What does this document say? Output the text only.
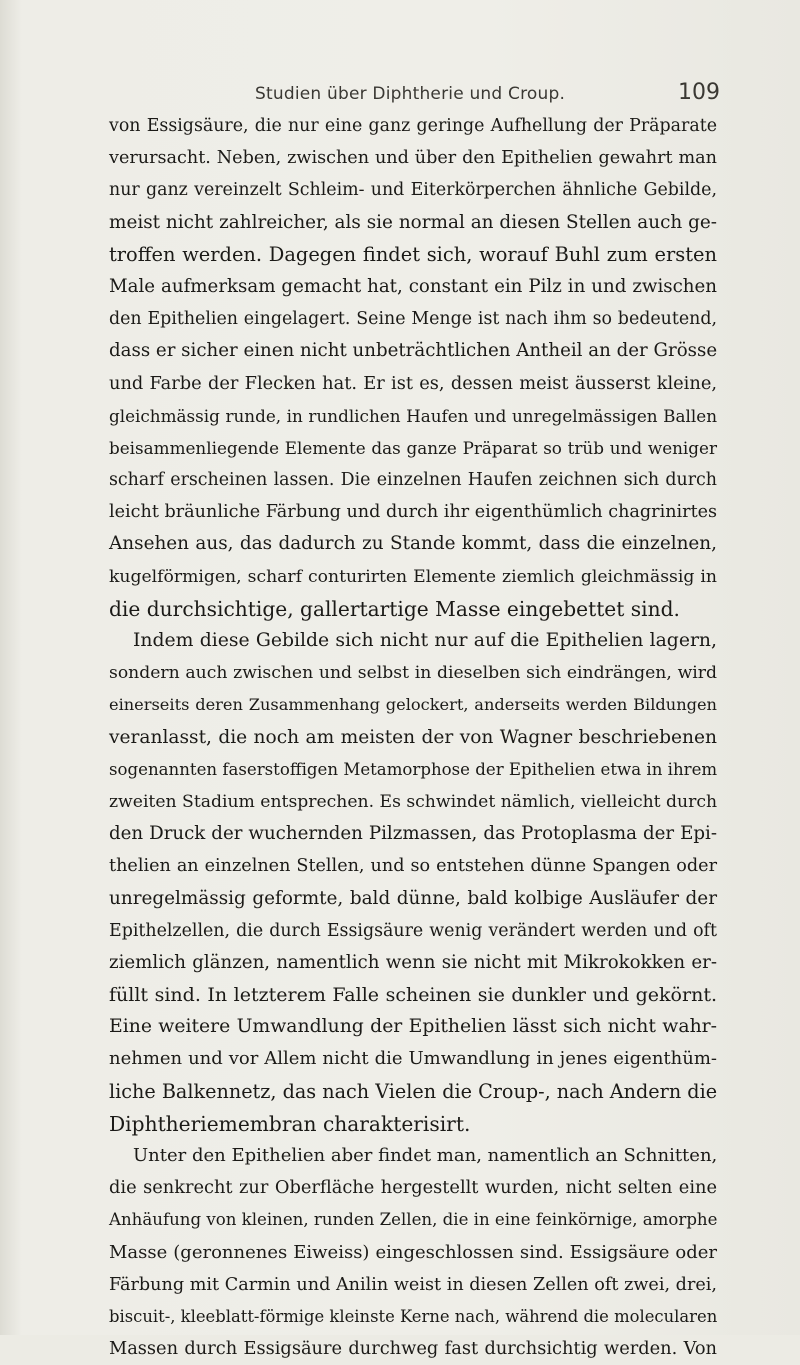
Studien über Diphtherie und Croup.	109
von Essigsäure, die nur eine ganz geringe Aufhellung der Präparate
verursacht. Neben, zwischen und über den Epithelien gewahrt man
nur ganz vereinzelt Schleim- und Eiterkörperchen ähnliche Gebilde,
meist nicht zahlreicher, als sie normal an diesen Stellen auch ge-
troffen werden. Dagegen findet sich, worauf Buhl zum ersten
Male aufmerksam gemacht hat, constant ein Pilz in und zwischen
den Epithelien eingelagert. Seine Menge ist nach ihm so bedeutend,
dass er sicher einen nicht unbeträchtlichen Antheil an der Grösse
und Farbe der Flecken hat. Er ist es, dessen meist äusserst kleine,
gleichmässig runde, in rundlichen Haufen und unregelmässigen Ballen
beisammenliegende Elemente das ganze Präparat so trüb und weniger
scharf erscheinen lassen. Die einzelnen Haufen zeichnen sich durch
leicht bräunliche Färbung und durch ihr eigenthümlich chagrinirtes
Ansehen aus, das dadurch zu Stande kommt, dass die einzelnen,
kugelförmigen, scharf conturirten Elemente ziemlich gleichmässig in
die durchsichtige, gallertartige Masse eingebettet sind.
Indem diese Gebilde sich nicht nur auf die Epithelien lagern,
sondern auch zwischen und selbst in dieselben sich eindrängen, wird
einerseits deren Zusammenhang gelockert, anderseits werden Bildungen
veranlasst, die noch am meisten der von Wagner beschriebenen
sogenannten faserstoffigen Metamorphose der Epithelien etwa in ihrem
zweiten Stadium entsprechen. Es schwindet nämlich, vielleicht durch
den Druck der wuchernden Pilzmassen, das Protoplasma der Epi-
thelien an einzelnen Stellen, und so entstehen dünne Spangen oder
unregelmässig geformte, bald dünne, bald kolbige Ausläufer der
Epithelzellen, die durch Essigsäure wenig verändert werden und oft
ziemlich glänzen, namentlich wenn sie nicht mit Mikrokokken er-
füllt sind. In letzterem Falle scheinen sie dunkler und gekörnt.
Eine weitere Umwandlung der Epithelien lässt sich nicht wahr-
nehmen und vor Allem nicht die Umwandlung in jenes eigenthüm-
liche Balkennetz, das nach Vielen die Croup-, nach Andern die
Diphtheriemembran charakterisirt.
Unter den Epithelien aber findet man, namentlich an Schnitten,
die senkrecht zur Oberfläche hergestellt wurden, nicht selten eine
Anhäufung von kleinen, runden Zellen, die in eine feinkörnige, amorphe
Masse (geronnenes Eiweiss) eingeschlossen sind. Essigsäure oder
Färbung mit Carmin und Anilin weist in diesen Zellen oft zwei, drei,
biscuit-, kleeblatt-förmige kleinste Kerne nach, während die molecularen
Massen durch Essigsäure durchweg fast durchsichtig werden. Von
